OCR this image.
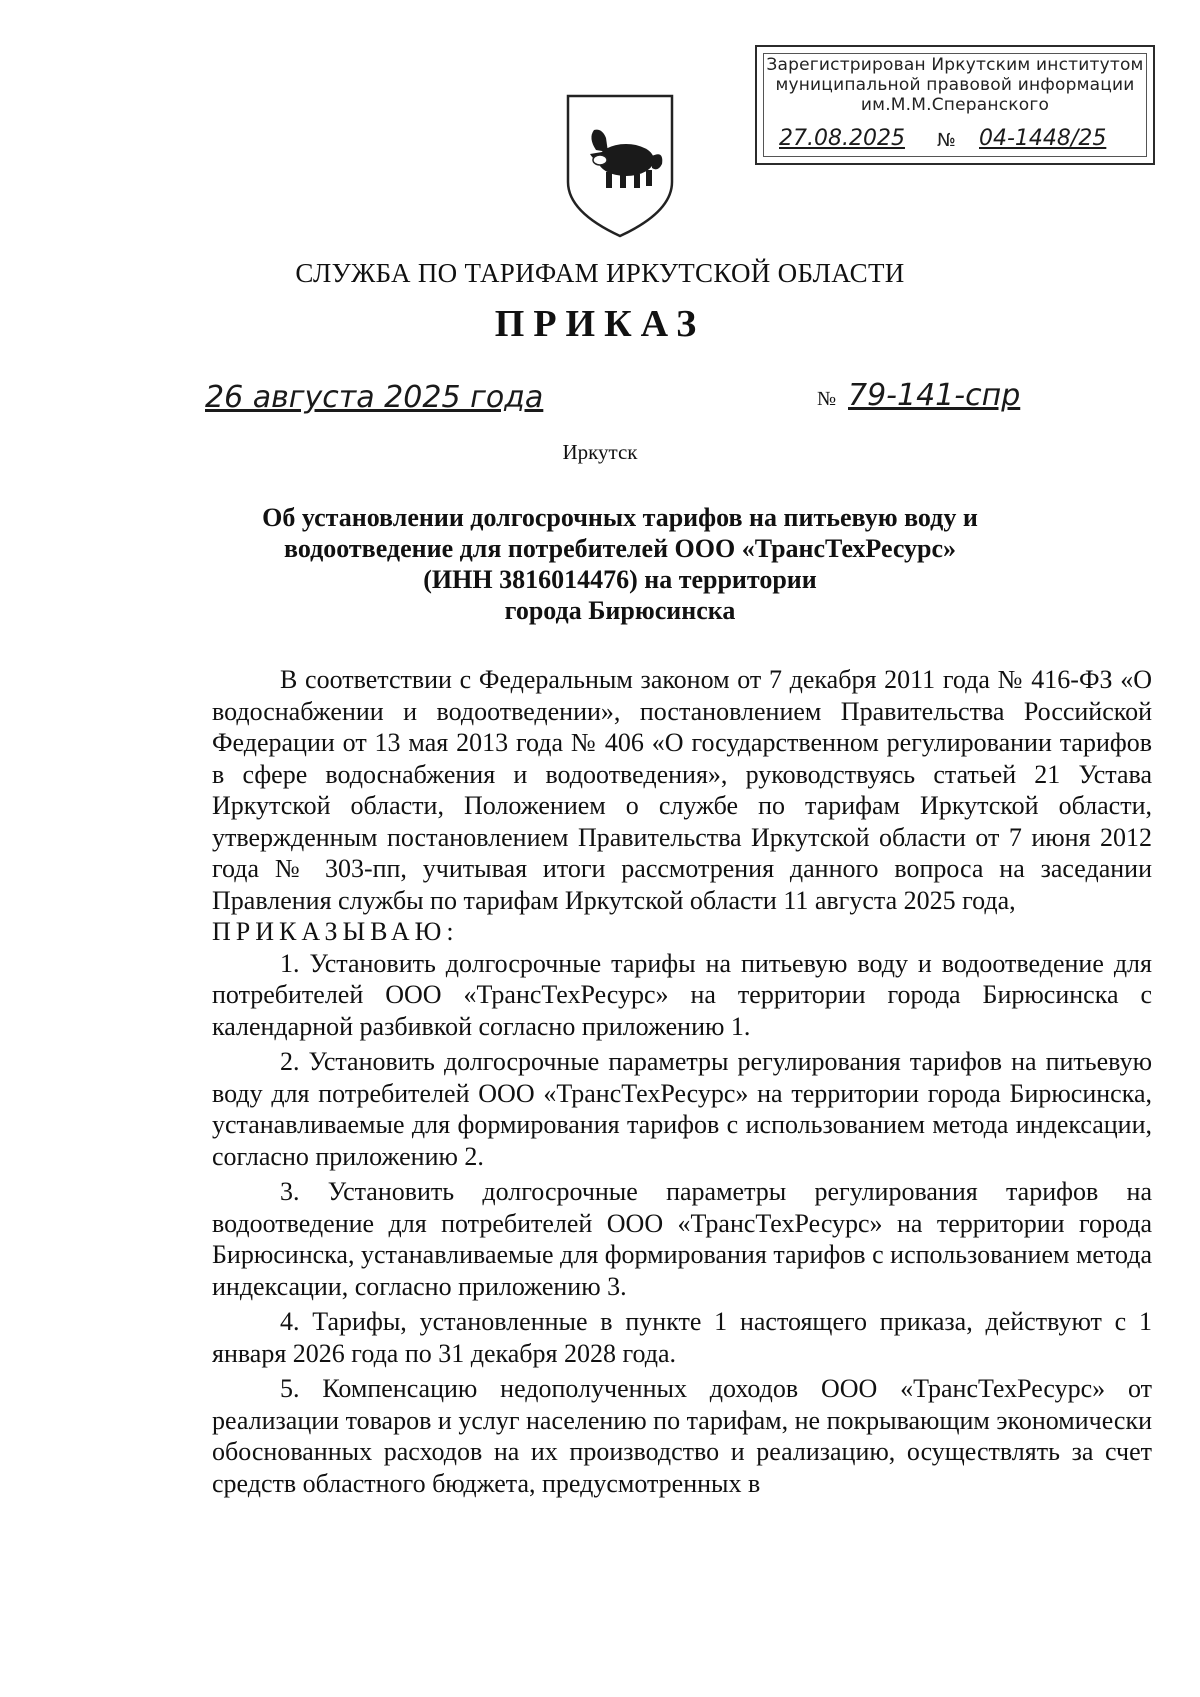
Зарегистрирован Иркутским институтом
муниципальной правовой информации
им.М.М.Сперанского
27.08.2025 № 04-1448/25
СЛУЖБА ПО ТАРИФАМ ИРКУТСКОЙ ОБЛАСТИ
ПРИКАЗ
26 августа 2025 года	№ 79-141-спр
Иркутск
Об установлении долгосрочных тарифов на питьевую воду и
водоотведение для потребителей ООО «ТрансТехРесурс»
(ИНН 3816014476) на территории
города Бирюсинска

В соответствии с Федеральным законом от 7 декабря 2011 года № 416-ФЗ «О водоснабжении и водоотведении», постановлением Правительства Российской Федерации от 13 мая 2013 года № 406 «О государственном регулировании тарифов в сфере водоснабжения и водоотведения», руководствуясь статьей 21 Устава Иркутской области, Положением о службе по тарифам Иркутской области, утвержденным постановлением Правительства Иркутской области от 7 июня 2012 года № 303-пп, учитывая итоги рассмотрения данного вопроса на заседании Правления службы по тарифам Иркутской области 11 августа 2025 года,

ПРИКАЗЫВАЮ:

1. Установить долгосрочные тарифы на питьевую воду и водоотведение для потребителей ООО «ТрансТехРесурс» на территории города Бирюсинска с календарной разбивкой согласно приложению 1.

2. Установить долгосрочные параметры регулирования тарифов на питьевую воду для потребителей ООО «ТрансТехРесурс» на территории города Бирюсинска, устанавливаемые для формирования тарифов с использованием метода индексации, согласно приложению 2.

3. Установить долгосрочные параметры регулирования тарифов на водоотведение для потребителей ООО «ТрансТехРесурс» на территории города Бирюсинска, устанавливаемые для формирования тарифов с использованием метода индексации, согласно приложению 3.

4. Тарифы, установленные в пункте 1 настоящего приказа, действуют с 1 января 2026 года по 31 декабря 2028 года.

5. Компенсацию недополученных доходов ООО «ТрансТехРесурс» от реализации товаров и услуг населению по тарифам, не покрывающим экономически обоснованных расходов на их производство и реализацию, осуществлять за счет средств областного бюджета, предусмотренных в
